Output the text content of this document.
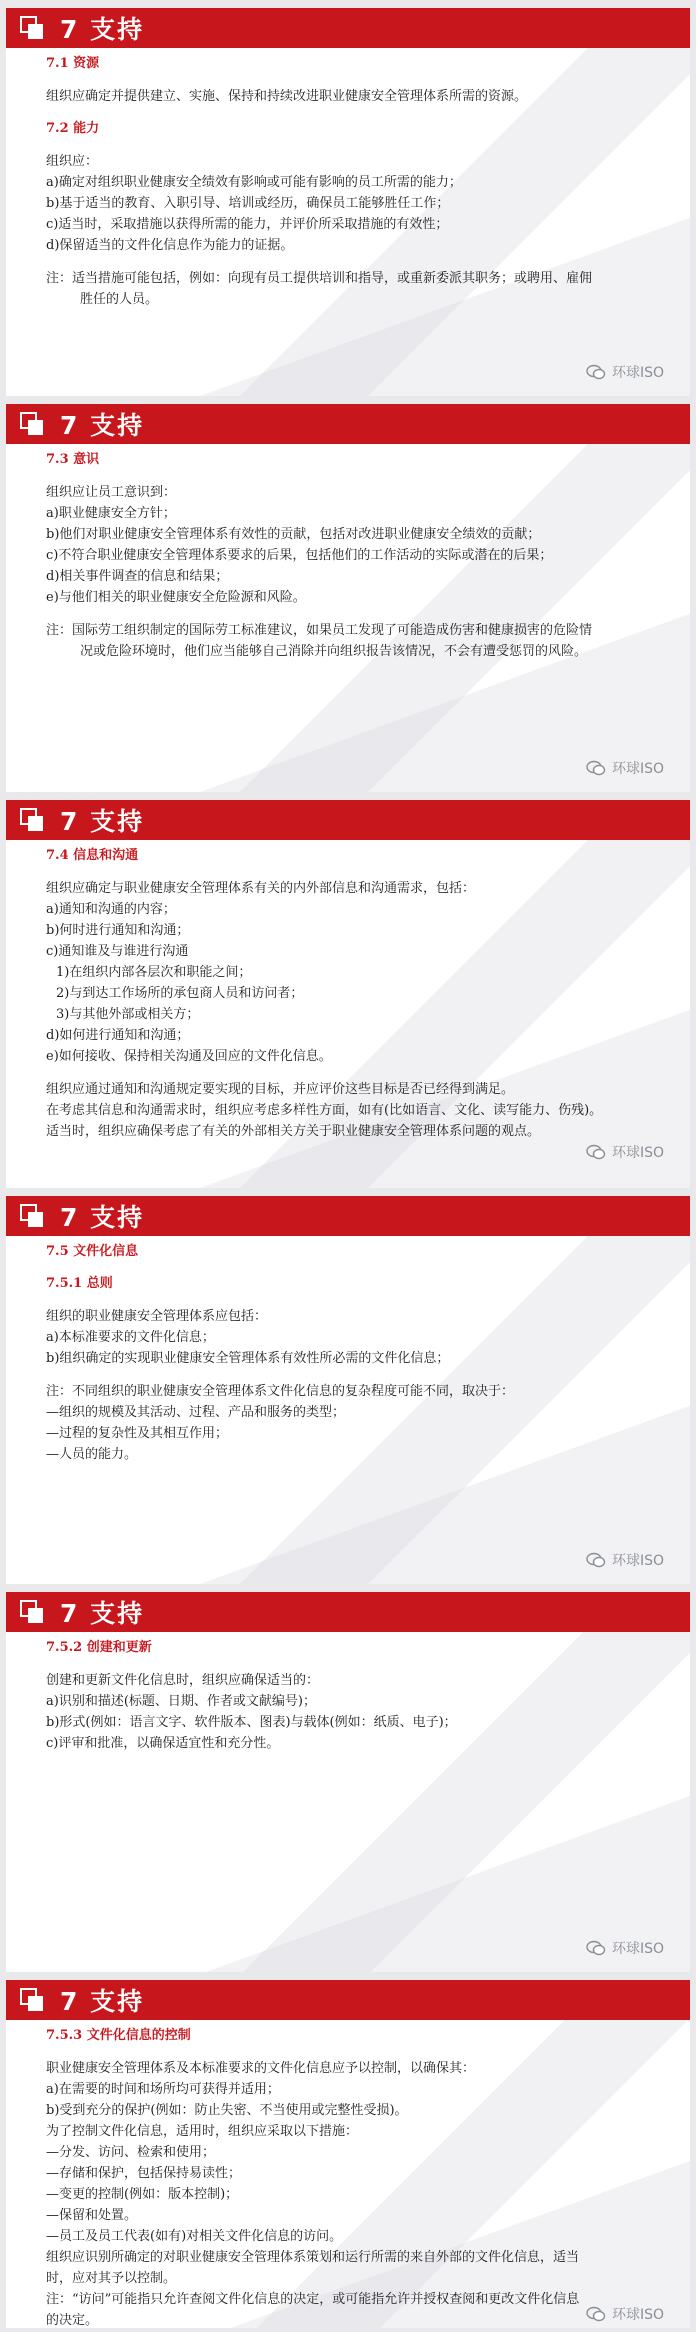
7 支持
7.1 资源
组织应确定并提供建立、实施、保持和持续改进职业健康安全管理体系所需的资源。
7.2 能力
组织应：
a)确定对组织职业健康安全绩效有影响或可能有影响的员工所需的能力；
b)基于适当的教育、入职引导、培训或经历，确保员工能够胜任工作；
c)适当时，采取措施以获得所需的能力，并评价所采取措施的有效性；
d)保留适当的文件化信息作为能力的证据。
注：适当措施可能包括，例如：向现有员工提供培训和指导，或重新委派其职务；或聘用、雇佣
胜任的人员。
环球ISO
7 支持
7.3 意识
组织应让员工意识到：
a)职业健康安全方针；
b)他们对职业健康安全管理体系有效性的贡献，包括对改进职业健康安全绩效的贡献；
c)不符合职业健康安全管理体系要求的后果，包括他们的工作活动的实际或潜在的后果；
d)相关事件调查的信息和结果；
e)与他们相关的职业健康安全危险源和风险。
注：国际劳工组织制定的国际劳工标准建议，如果员工发现了可能造成伤害和健康损害的危险情
况或危险环境时，他们应当能够自己消除并向组织报告该情况，不会有遭受惩罚的风险。
环球ISO
7 支持
7.4 信息和沟通
组织应确定与职业健康安全管理体系有关的内外部信息和沟通需求，包括：
a)通知和沟通的内容；
b)何时进行通知和沟通；
c)通知谁及与谁进行沟通
1)在组织内部各层次和职能之间；
2)与到达工作场所的承包商人员和访问者；
3)与其他外部或相关方；
d)如何进行通知和沟通；
e)如何接收、保持相关沟通及回应的文件化信息。
组织应通过通知和沟通规定要实现的目标，并应评价这些目标是否已经得到满足。
在考虑其信息和沟通需求时，组织应考虑多样性方面，如有(比如语言、文化、读写能力、伤残)。
适当时，组织应确保考虑了有关的外部相关方关于职业健康安全管理体系问题的观点。
环球ISO
7 支持
7.5 文件化信息
7.5.1 总则
组织的职业健康安全管理体系应包括：
a)本标准要求的文件化信息；
b)组织确定的实现职业健康安全管理体系有效性所必需的文件化信息；
注：不同组织的职业健康安全管理体系文件化信息的复杂程度可能不同，取决于：
—组织的规模及其活动、过程、产品和服务的类型；
—过程的复杂性及其相互作用；
—人员的能力。
环球ISO
7 支持
7.5.2 创建和更新
创建和更新文件化信息时，组织应确保适当的：
a)识别和描述(标题、日期、作者或文献编号)；
b)形式(例如：语言文字、软件版本、图表)与载体(例如：纸质、电子)；
c)评审和批准，以确保适宜性和充分性。
环球ISO
7 支持
7.5.3 文件化信息的控制
职业健康安全管理体系及本标准要求的文件化信息应予以控制，以确保其：
a)在需要的时间和场所均可获得并适用；
b)受到充分的保护(例如：防止失密、不当使用或完整性受损)。
为了控制文件化信息，适用时，组织应采取以下措施：
—分发、访问、检索和使用；
—存储和保护，包括保持易读性；
—变更的控制(例如：版本控制)；
—保留和处置。
—员工及员工代表(如有)对相关文件化信息的访问。
组织应识别所确定的对职业健康安全管理体系策划和运行所需的来自外部的文件化信息，适当
时，应对其予以控制。
注：“访问”可能指只允许查阅文件化信息的决定，或可能指允许并授权查阅和更改文件化信息
的决定。	环球ISO
